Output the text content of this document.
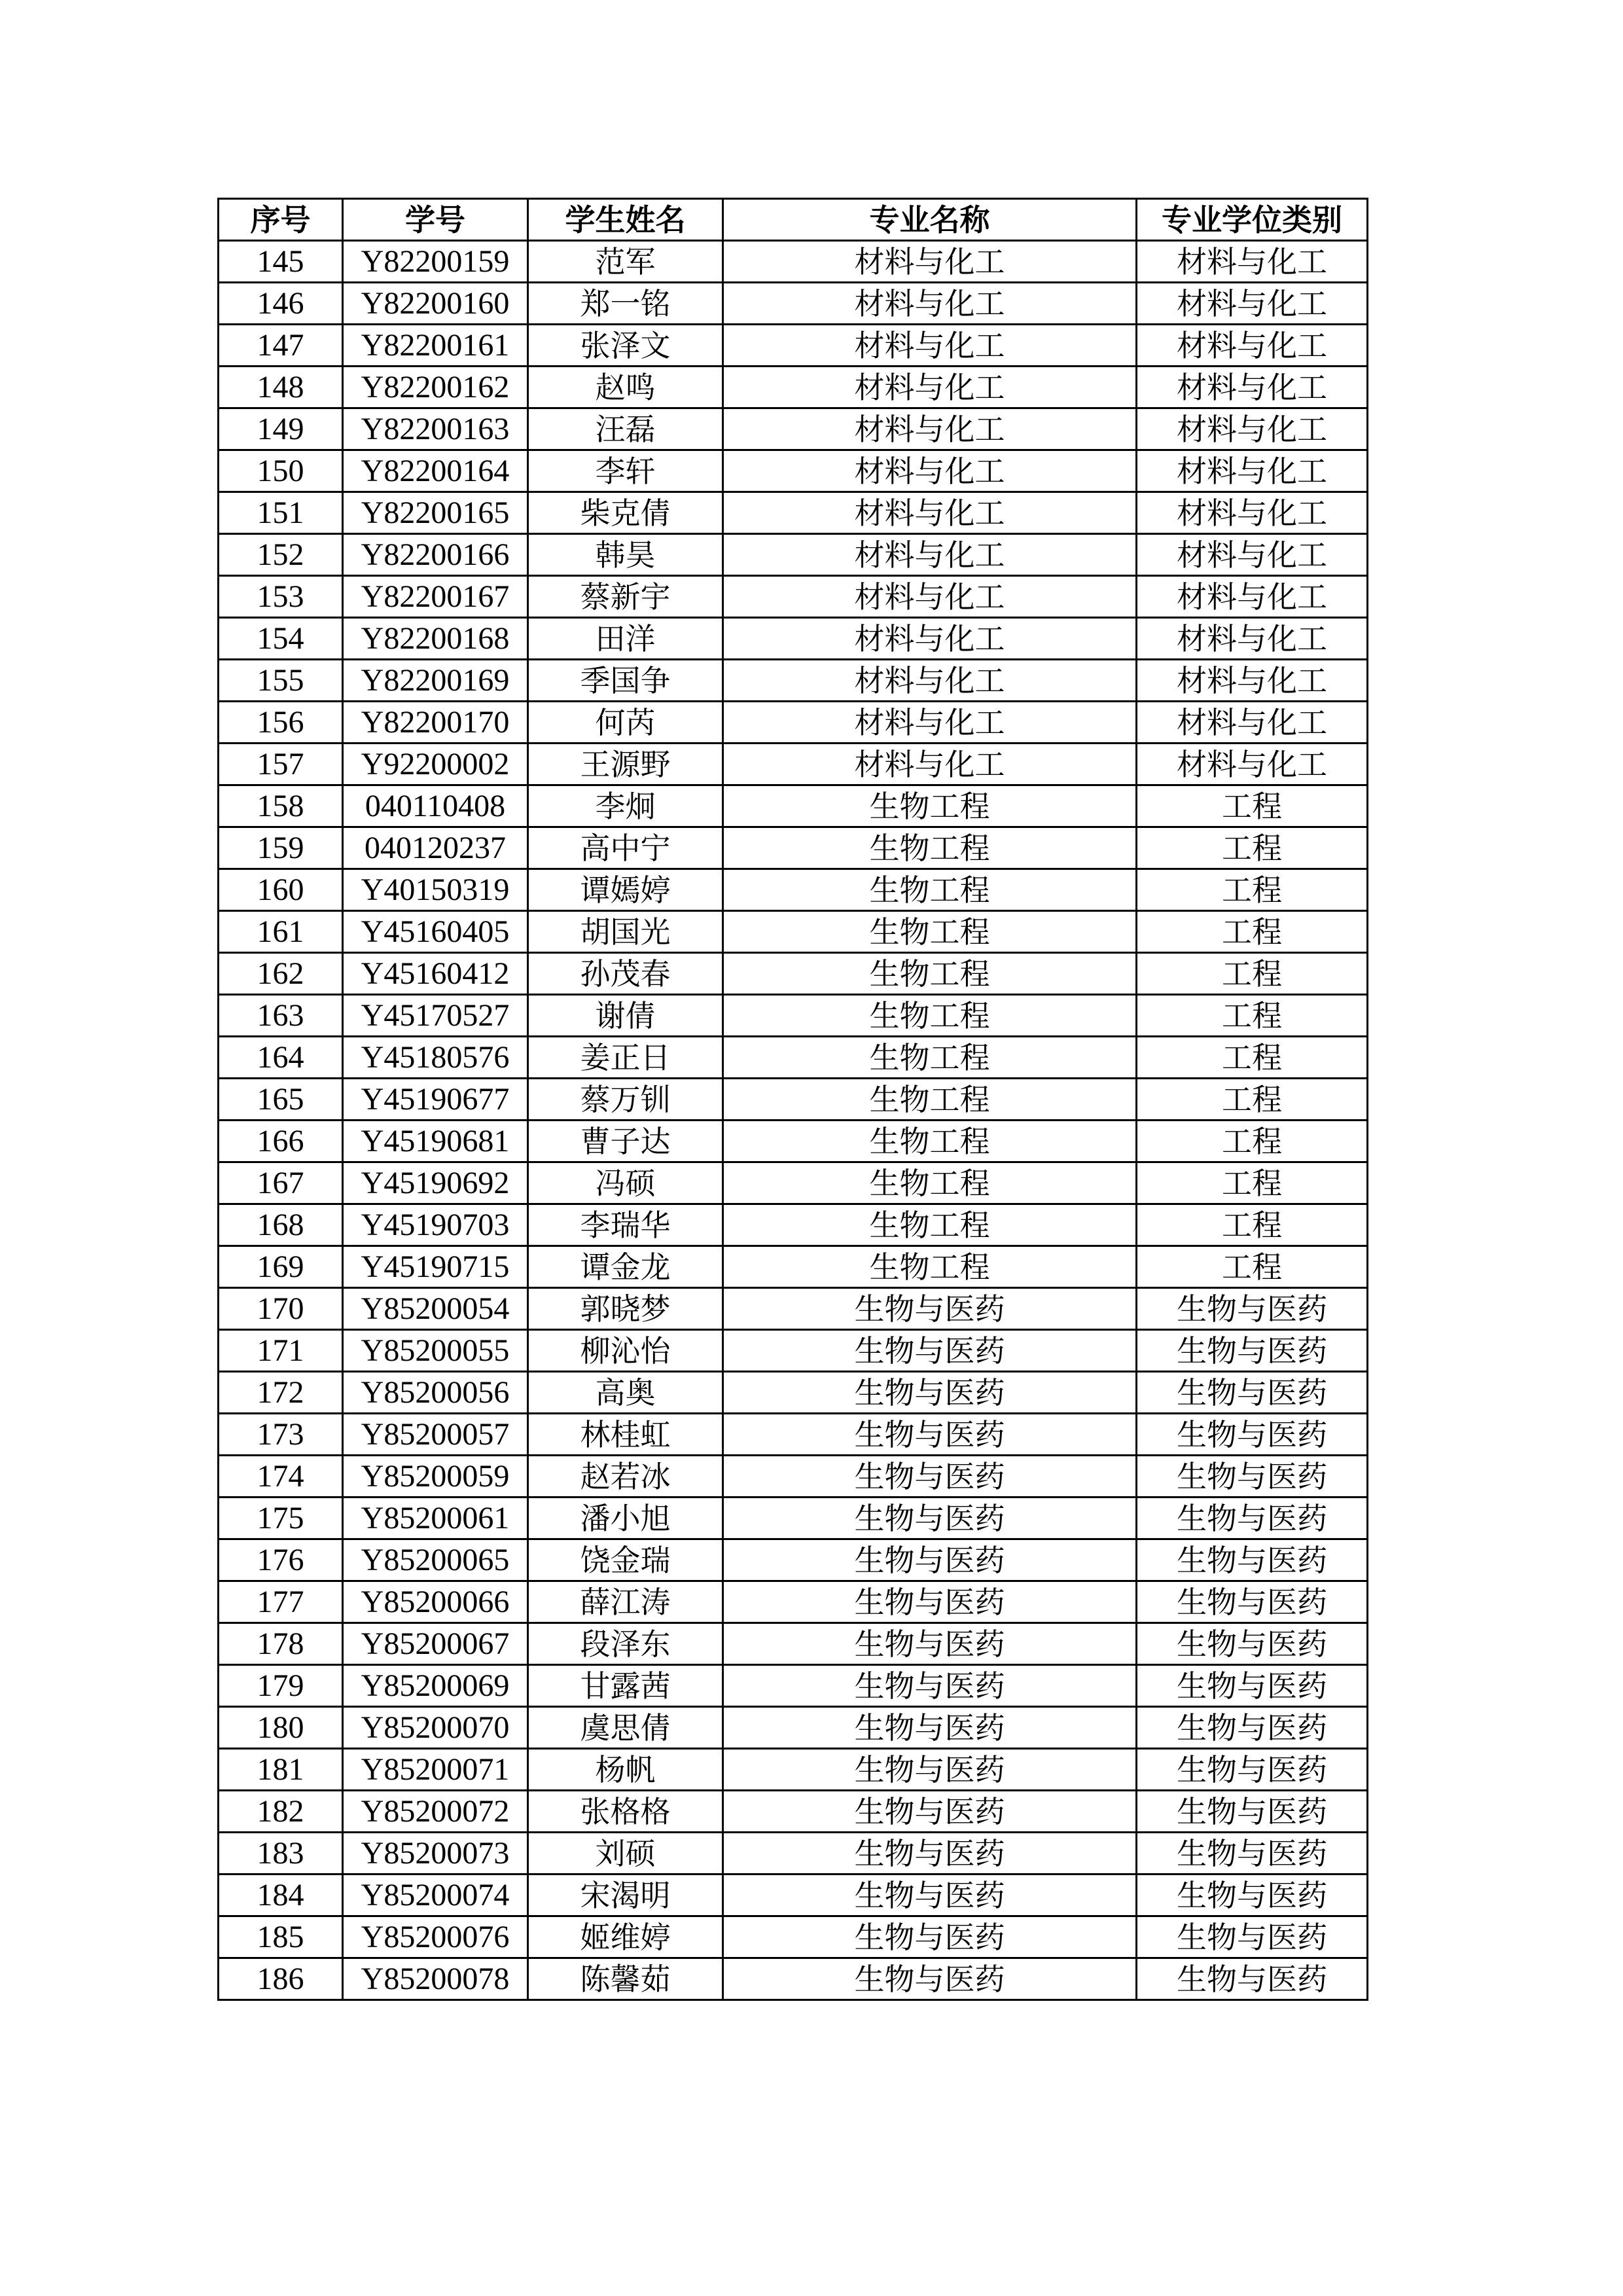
序号	学号	学生姓名	专业名称	专业学位类别
145	Y82200159	范军	材料与化工	材料与化工
146	Y82200160	郑一铭	材料与化工	材料与化工
147	Y82200161	张泽文	材料与化工	材料与化工
148	Y82200162	赵鸣	材料与化工	材料与化工
149	Y82200163	汪磊	材料与化工	材料与化工
150	Y82200164	李轩	材料与化工	材料与化工
151	Y82200165	柴克倩	材料与化工	材料与化工
152	Y82200166	韩昊	材料与化工	材料与化工
153	Y82200167	蔡新宇	材料与化工	材料与化工
154	Y82200168	田洋	材料与化工	材料与化工
155	Y82200169	季国争	材料与化工	材料与化工
156	Y82200170	何芮	材料与化工	材料与化工
157	Y92200002	王源野	材料与化工	材料与化工
158	040110408	李炯	生物工程	工程
159	040120237	高中宁	生物工程	工程
160	Y40150319	谭嫣婷	生物工程	工程
161	Y45160405	胡国光	生物工程	工程
162	Y45160412	孙茂春	生物工程	工程
163	Y45170527	谢倩	生物工程	工程
164	Y45180576	姜正日	生物工程	工程
165	Y45190677	蔡万钏	生物工程	工程
166	Y45190681	曹子达	生物工程	工程
167	Y45190692	冯硕	生物工程	工程
168	Y45190703	李瑞华	生物工程	工程
169	Y45190715	谭金龙	生物工程	工程
170	Y85200054	郭晓梦	生物与医药	生物与医药
171	Y85200055	柳沁怡	生物与医药	生物与医药
172	Y85200056	高奥	生物与医药	生物与医药
173	Y85200057	林桂虹	生物与医药	生物与医药
174	Y85200059	赵若冰	生物与医药	生物与医药
175	Y85200061	潘小旭	生物与医药	生物与医药
176	Y85200065	饶金瑞	生物与医药	生物与医药
177	Y85200066	薛江涛	生物与医药	生物与医药
178	Y85200067	段泽东	生物与医药	生物与医药
179	Y85200069	甘露茜	生物与医药	生物与医药
180	Y85200070	虞思倩	生物与医药	生物与医药
181	Y85200071	杨帆	生物与医药	生物与医药
182	Y85200072	张格格	生物与医药	生物与医药
183	Y85200073	刘硕	生物与医药	生物与医药
184	Y85200074	宋渴明	生物与医药	生物与医药
185	Y85200076	姬维婷	生物与医药	生物与医药
186	Y85200078	陈馨茹	生物与医药	生物与医药
